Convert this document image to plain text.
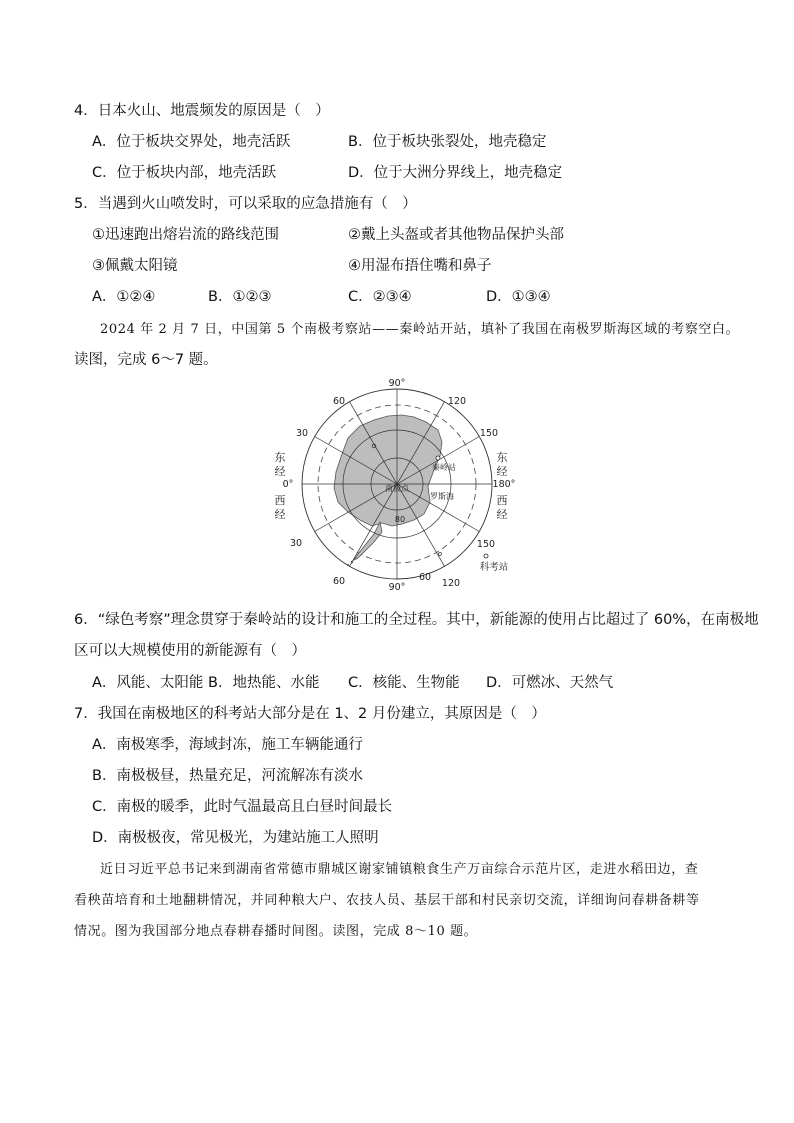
4．日本火山、地震频发的原因是（　）
A．位于板块交界处，地壳活跃	B．位于板块张裂处，地壳稳定
C．位于板块内部，地壳活跃	D．位于大洲分界线上，地壳稳定
5．当遇到火山喷发时，可以采取的应急措施有（　）
①迅速跑出熔岩流的路线范围	②戴上头盔或者其他物品保护头部
③佩戴太阳镜	④用湿布捂住嘴和鼻子
A．①②④	B．①②③	C．②③④	D．①③④
2024 年 2 月 7 日，中国第 5 个南极考察站——秦岭站开站，填补了我国在南极罗斯海区域的考察空白。
读图，完成 6～7 题。
90°
90°
0°	180°
60
30
120
150
30
60	60
120
150
东
经
西
经
东
经
西
经
南极点
秦岭站
罗斯海
80
科考站
6．“绿色考察”理念贯穿于秦岭站的设计和施工的全过程。其中，新能源的使用占比超过了 60%，在南极地
区可以大规模使用的新能源有（　）
A．风能、太阳能 B．地热能、水能 C．核能、生物能 D．可燃冰、天然气
7．我国在南极地区的科考站大部分是在 1、2 月份建立，其原因是（　）
A．南极寒季，海域封冻，施工车辆能通行
B．南极极昼，热量充足，河流解冻有淡水
C．南极的暖季，此时气温最高且白昼时间最长
D．南极极夜，常见极光，为建站施工人照明
近日习近平总书记来到湖南省常德市鼎城区谢家铺镇粮食生产万亩综合示范片区，走进水稻田边，查
看秧苗培育和土地翻耕情况，并同种粮大户、农技人员、基层干部和村民亲切交流，详细询问春耕备耕等
情况。图为我国部分地点春耕春播时间图。读图，完成 8～10 题。
